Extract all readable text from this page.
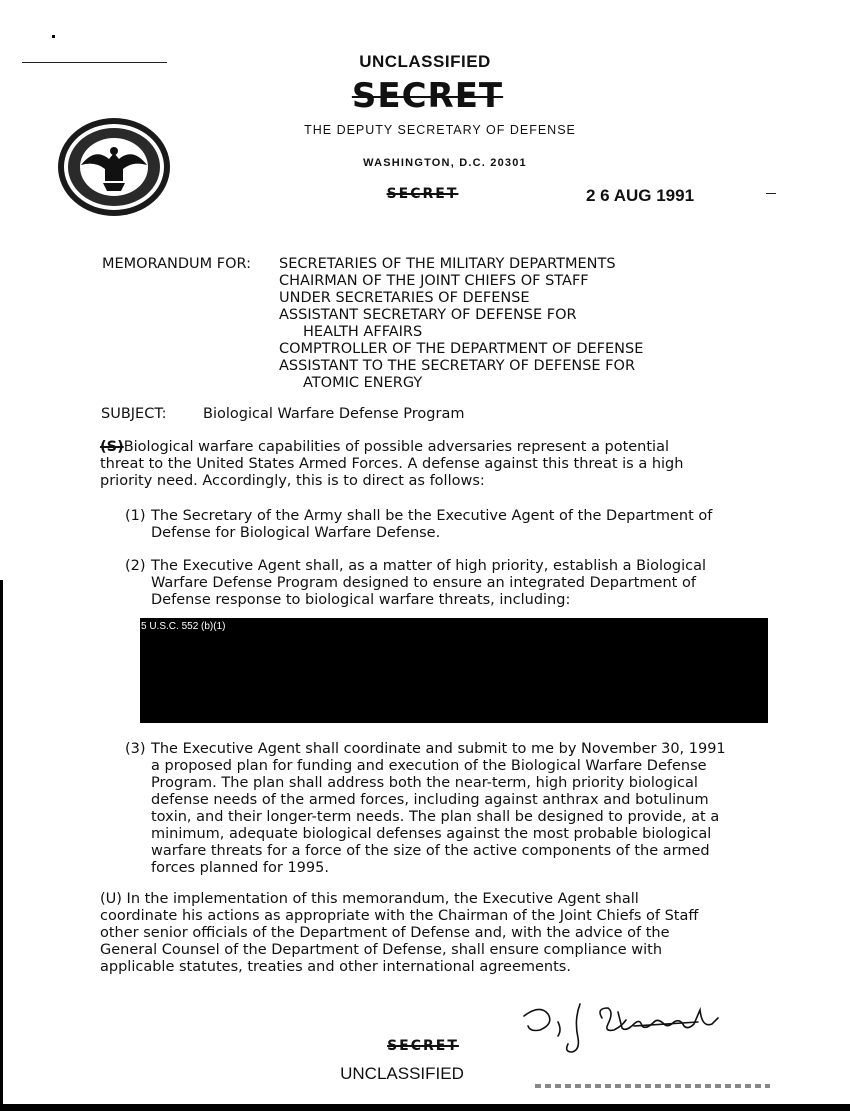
UNCLASSIFIED
SECRET
THE DEPUTY SECRETARY OF DEFENSE
WASHINGTON, D.C. 20301
SECRET	2 6 AUG 1991
MEMORANDUM FOR: SECRETARIES OF THE MILITARY DEPARTMENTS
CHAIRMAN OF THE JOINT CHIEFS OF STAFF
UNDER SECRETARIES OF DEFENSE
ASSISTANT SECRETARY OF DEFENSE FOR
HEALTH AFFAIRS
COMPTROLLER OF THE DEPARTMENT OF DEFENSE
ASSISTANT TO THE SECRETARY OF DEFENSE FOR
ATOMIC ENERGY
SUBJECT:	Biological Warfare Defense Program
(S)Biological warfare capabilities of possible adversaries represent a potential
threat to the United States Armed Forces. A defense against this threat is a high
priority need. Accordingly, this is to direct as follows:
(1) The Secretary of the Army shall be the Executive Agent of the Department of
Defense for Biological Warfare Defense.
(2) The Executive Agent shall, as a matter of high priority, establish a Biological
Warfare Defense Program designed to ensure an integrated Department of
Defense response to biological warfare threats, including:
5 U.S.C. 552 (b)(1)
(3) The Executive Agent shall coordinate and submit to me by November 30, 1991
a proposed plan for funding and execution of the Biological Warfare Defense
Program. The plan shall address both the near-term, high priority biological
defense needs of the armed forces, including against anthrax and botulinum
toxin, and their longer-term needs. The plan shall be designed to provide, at a
minimum, adequate biological defenses against the most probable biological
warfare threats for a force of the size of the active components of the armed
forces planned for 1995.
(U) In the implementation of this memorandum, the Executive Agent shall
coordinate his actions as appropriate with the Chairman of the Joint Chiefs of Staff
other senior officials of the Department of Defense and, with the advice of the
General Counsel of the Department of Defense, shall ensure compliance with
applicable statutes, treaties and other international agreements.
SECRET
UNCLASSIFIED
